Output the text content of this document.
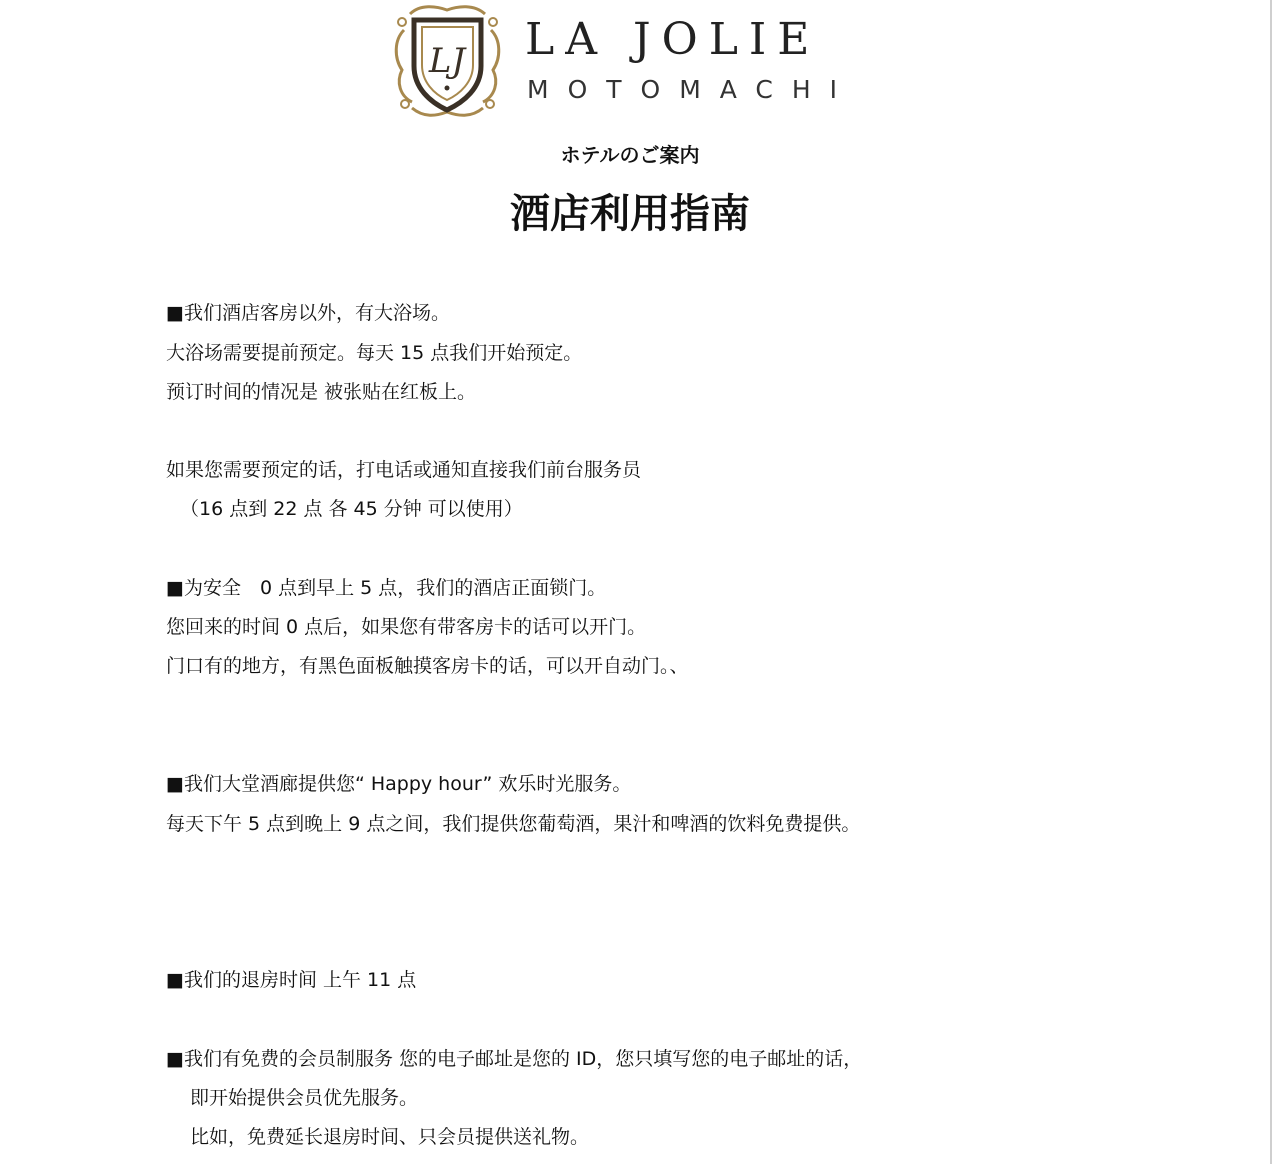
LJ LA JOLIE
MOTOMACHI
ホテルのご案内
酒店利用指南
■我们酒店客房以外，有大浴场。
大浴场需要提前预定。每天 15 点我们开始预定。
预订时间的情况是 被张贴在红板上。
如果您需要预定的话，打电话或通知直接我们前台服务员
（16 点到 22 点 各 45 分钟 可以使用）
■为安全　0 点到早上 5 点，我们的酒店正面锁门。
您回来的时间 0 点后，如果您有带客房卡的话可以开门。
门口有的地方，有黑色面板触摸客房卡的话，可以开自动门。、
■我们大堂酒廊提供您“ Happy hour” 欢乐时光服务。
每天下午 5 点到晚上 9 点之间，我们提供您葡萄酒，果汁和啤酒的饮料免费提供。
■我们的退房时间 上午 11 点
■我们有免费的会员制服务 您的电子邮址是您的 ID，您只填写您的电子邮址的话，
即开始提供会员优先服务。
比如，免费延长退房时间、只会员提供送礼物。
